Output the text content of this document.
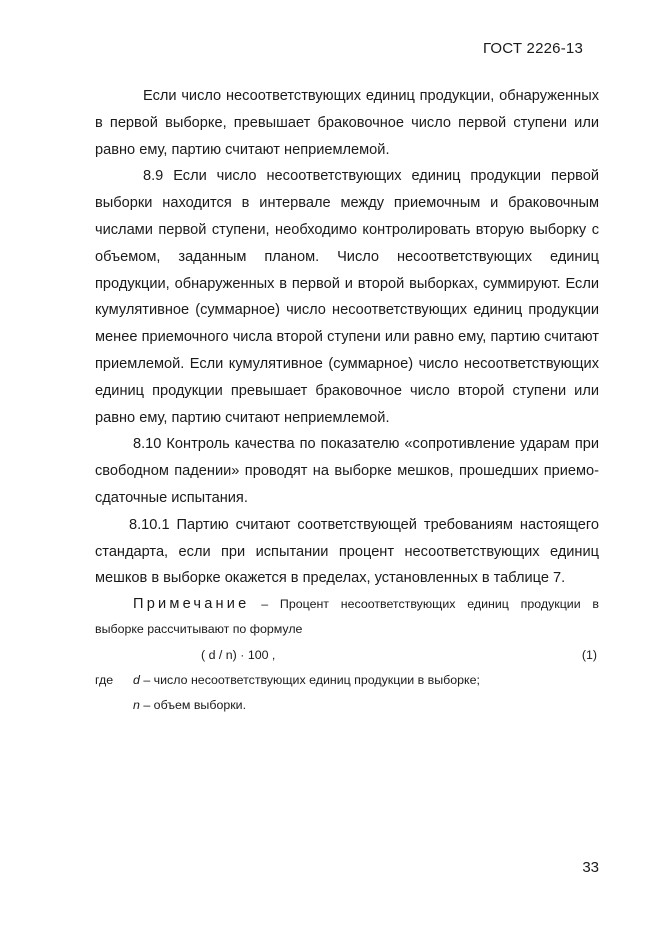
ГОСТ 2226-13

Если число несоответствующих единиц продукции, обнаруженных в первой выборке, превышает браковочное число первой ступени или равно ему, партию считают неприемлемой.

8.9 Если число несоответствующих единиц продукции первой выборки находится в интервале между приемочным и браковочным числами первой ступени, необходимо контролировать вторую выборку с объемом, заданным планом. Число несоответствующих единиц продукции, обнаруженных в первой и второй выборках, суммируют. Если кумулятивное (суммарное) число несоответствующих единиц продукции менее приемочного числа второй ступени или равно ему, партию считают приемлемой. Если кумулятивное (суммарное) число несоответствующих единиц продукции превышает браковочное число второй ступени или равно ему, партию считают неприемлемой.

8.10 Контроль качества по показателю «сопротивление ударам при свободном падении» проводят на выборке мешков, прошедших приемо-сдаточные испытания.

8.10.1 Партию считают соответствующей требованиям настоящего стандарта, если при испытании процент несоответствующих единиц мешков в выборке окажется в пределах, установленных в таблице 7.

Примечание – Процент несоответствующих единиц продукции в выборке рассчитывают по формуле

( d / n) · 100 ,	(1)
где d – число несоответствующих единиц продукции в выборке;
n – объем выборки.
33
